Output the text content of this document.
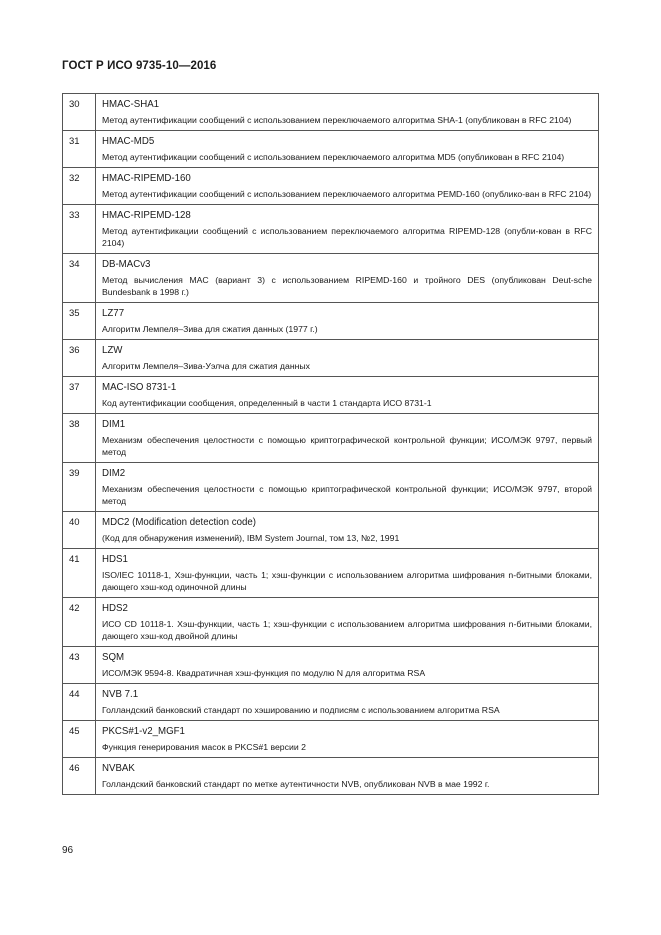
ГОСТ Р ИСО 9735-10—2016
30	HMAC-SHA1
Метод аутентификации сообщений с использованием переключаемого алгоритма SHA-1 (опубликован в RFC 2104)

31	HMAC-MD5
Метод аутентификации сообщений с использованием переключаемого алгоритма MD5 (опубликован в RFC 2104)

32	HMAC-RIPEMD-160
Метод аутентификации сообщений с использованием переключаемого алгоритма PEMD-160 (опублико-ван в RFC 2104)

33	HMAC-RIPEMD-128
Метод аутентификации сообщений с использованием переключаемого алгоритма RIPEMD-128 (опубли-кован в RFC 2104)

34	DB-MACv3
Метод вычисления MAC (вариант 3) с использованием RIPEMD-160 и тройного DES (опубликован Deut-sche Bundesbank в 1998 г.)

35	LZ77
Алгоритм Лемпеля–Зива для сжатия данных (1977 г.)

36	LZW
Алгоритм Лемпеля–Зива-Уэлча для сжатия данных

37	MAC-ISO 8731-1
Код аутентификации сообщения, определенный в части 1 стандарта ИСО 8731-1

38	DIM1
Механизм обеспечения целостности с помощью криптографической контрольной функции; ИСО/МЭК 9797, первый метод

39	DIM2
Механизм обеспечения целостности с помощью криптографической контрольной функции; ИСО/МЭК 9797, второй метод

40	MDC2 (Modification detection code)
(Код для обнаружения изменений), IBM System Journal, том 13, №2, 1991

41	HDS1
ISO/IEC 10118-1, Хэш-функции, часть 1; хэш-функции с использованием алгоритма шифрования n-битными блоками, дающего хэш-код одиночной длины

42	HDS2
ИСО CD 10118-1. Хэш-функции, часть 1; хэш-функции с использованием алгоритма шифрования n-битными блоками, дающего хэш-код двойной длины

43	SQM
ИСО/МЭК 9594-8. Квадратичная хэш-функция по модулю N для алгоритма RSA

44	NVB 7.1
Голландский банковский стандарт по хэшированию и подписям с использованием алгоритма RSA

45	PKCS#1-v2_MGF1
Функция генерирования масок в PKCS#1 версии 2

46	NVBAK
Голландский банковский стандарт по метке аутентичности NVB, опубликован NVB в мае 1992 г.
96
